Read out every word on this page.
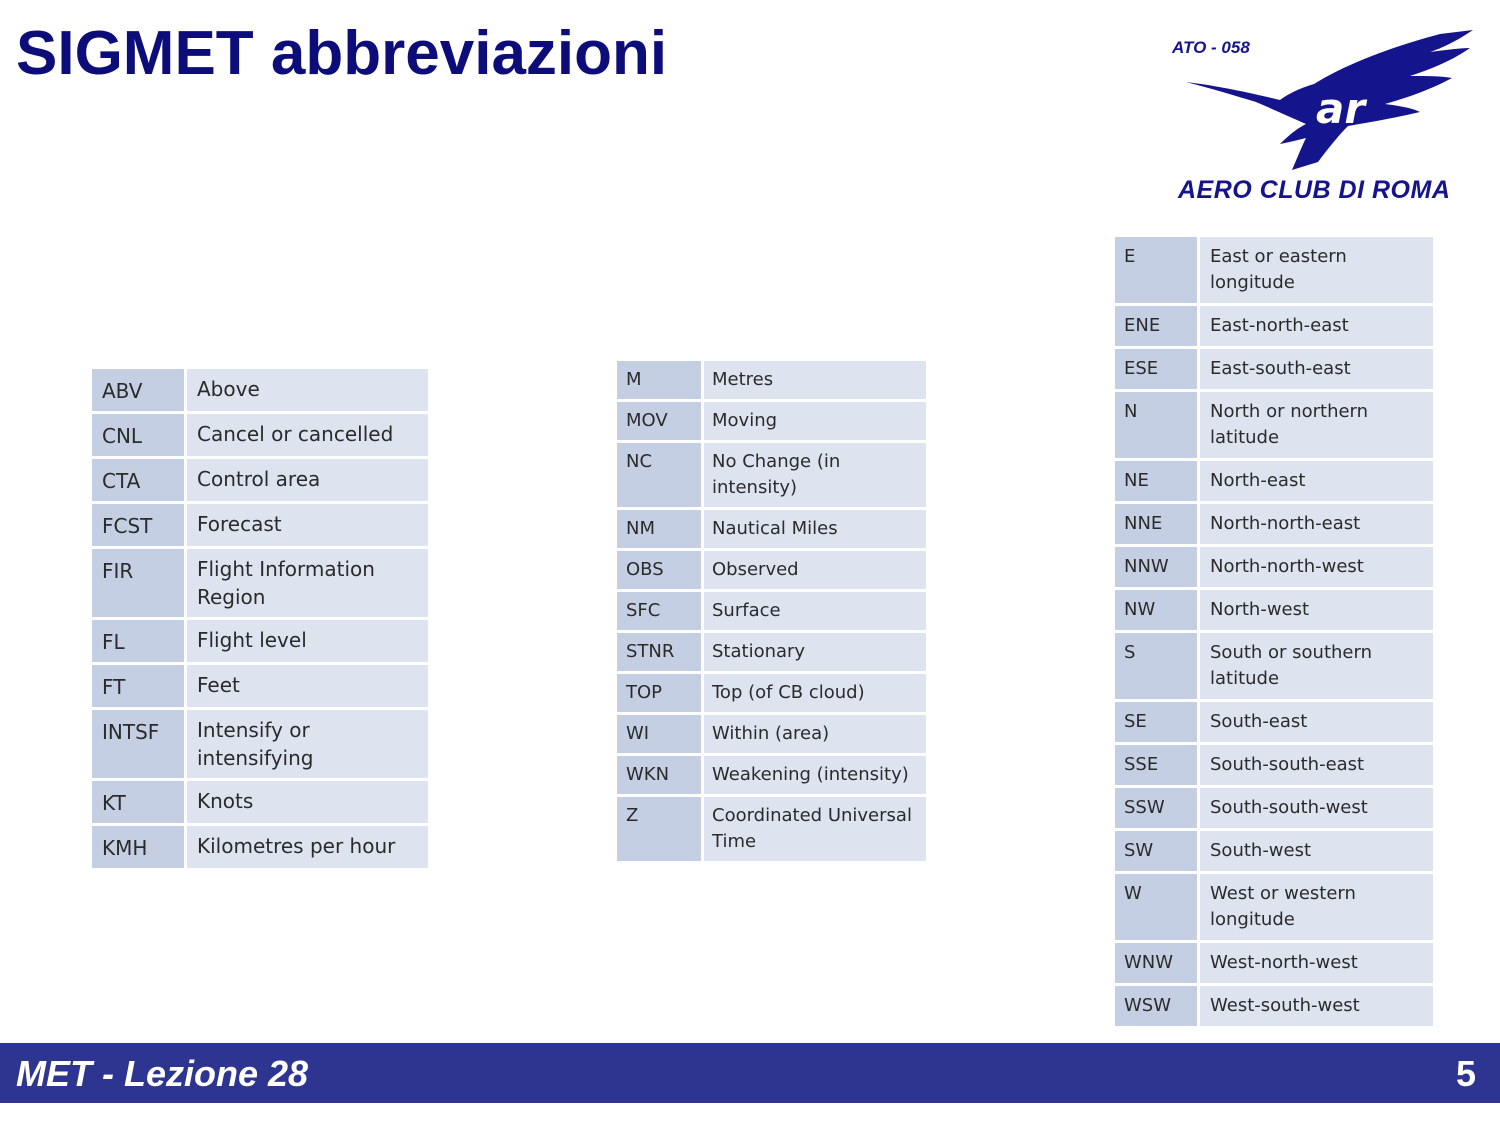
SIGMET abbreviazioni
ar
ATO - 058
AERO CLUB DI ROMA
ABV	Above
CNL	Cancel or cancelled
CTA	Control area
FCST	Forecast
FIR	Flight Information Region
FL	Flight level
FT	Feet
INTSF	Intensify or intensifying
KT	Knots
KMH	Kilometres per hour
M	Metres
MOV	Moving
NC	No Change (in intensity)
NM	Nautical Miles
OBS	Observed
SFC	Surface
STNR	Stationary
TOP	Top (of CB cloud)
WI	Within (area)
WKN	Weakening (intensity)
Z	Coordinated Universal Time
E	East or eastern longitude
ENE	East-north-east
ESE	East-south-east
N	North or northern latitude
NE	North-east
NNE	North-north-east
NNW	North-north-west
NW	North-west
S	South or southern latitude
SE	South-east
SSE	South-south-east
SSW	South-south-west
SW	South-west
W	West or western longitude
WNW	West-north-west
WSW	West-south-west
MET - Lezione 28	5
